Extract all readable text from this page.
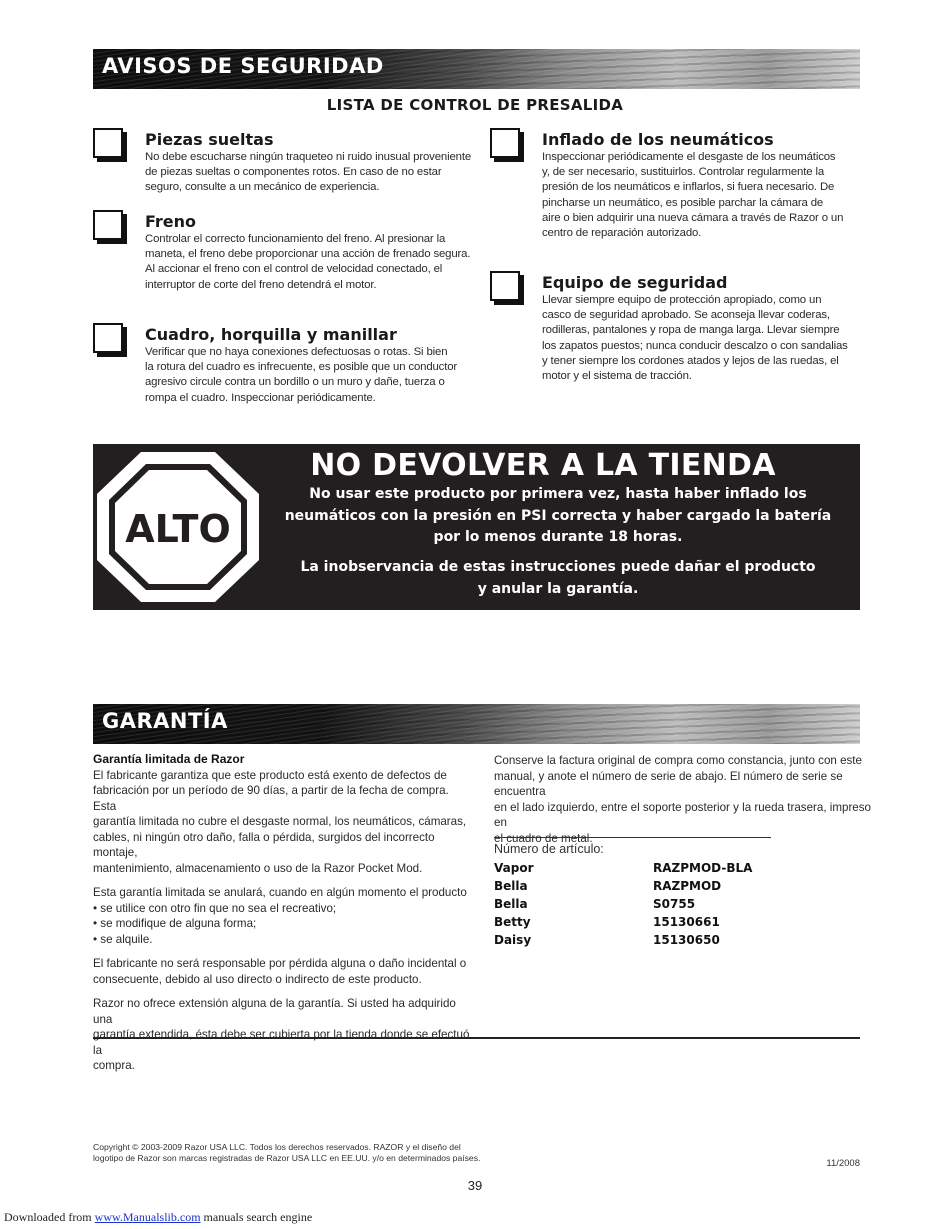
AVISOS DE SEGURIDAD
LISTA DE CONTROL DE PRESALIDA
Piezas sueltas
No debe escucharse ningún traqueteo ni ruido inusual proveniente
de piezas sueltas o componentes rotos. En caso de no estar
seguro, consulte a un mecánico de experiencia.
Freno
Controlar el correcto funcionamiento del freno. Al presionar la
maneta, el freno debe proporcionar una acción de frenado segura.
Al accionar el freno con el control de velocidad conectado, el
interruptor de corte del freno detendrá el motor.
Cuadro, horquilla y manillar
Verificar que no haya conexiones defectuosas o rotas. Si bien
la rotura del cuadro es infrecuente, es posible que un conductor
agresivo circule contra un bordillo o un muro y dañe, tuerza o
rompa el cuadro. Inspeccionar periódicamente.
Inflado de los neumáticos
Inspeccionar periódicamente el desgaste de los neumáticos
y, de ser necesario, sustituirlos. Controlar regularmente la
presión de los neumáticos e inflarlos, si fuera necesario. De
pincharse un neumático, es posible parchar la cámara de
aire o bien adquirir una nueva cámara a través de Razor o un
centro de reparación autorizado.
Equipo de seguridad
Llevar siempre equipo de protección apropiado, como un
casco de seguridad aprobado. Se aconseja llevar coderas,
rodilleras, pantalones y ropa de manga larga. Llevar siempre
los zapatos puestos; nunca conducir descalzo o con sandalias
y tener siempre los cordones atados y lejos de las ruedas, el
motor y el sistema de tracción.
ALTO
NO DEVOLVER A LA TIENDA
No usar este producto por primera vez, hasta haber inflado los
neumáticos con la presión en PSI correcta y haber cargado la batería
por lo menos durante 18 horas.
La inobservancia de estas instrucciones puede dañar el producto
y anular la garantía.
GARANTÍA
Garantía limitada de Razor
El fabricante garantiza que este producto está exento de defectos de
fabricación por un período de 90 días, a partir de la fecha de compra. Esta
garantía limitada no cubre el desgaste normal, los neumáticos, cámaras,
cables, ni ningún otro daño, falla o pérdida, surgidos del incorrecto montaje,
mantenimiento, almacenamiento o uso de la Razor Pocket Mod.
Esta garantía limitada se anulará, cuando en algún momento el producto
• se utilice con otro fin que no sea el recreativo;
• se modifique de alguna forma;
• se alquile.
El fabricante no será responsable por pérdida alguna o daño incidental o
consecuente, debido al uso directo o indirecto de este producto.
Razor no ofrece extensión alguna de la garantía. Si usted ha adquirido una
garantía extendida, ésta debe ser cubierta por la tienda donde se efectuó la
compra.
Conserve la factura original de compra como constancia, junto con este
manual, y anote el número de serie de abajo. El número de serie se encuentra
en el lado izquierdo, entre el soporte posterior y la rueda trasera, impreso en
el cuadro de metal.
Número de artículo:
Vapor	RAZPMOD-BLA
Bella	RAZPMOD
Bella	S0755
Betty	15130661
Daisy	15130650
Copyright © 2003-2009 Razor USA LLC. Todos los derechos reservados. RAZOR y el diseño del
logotipo de Razor son marcas registradas de Razor USA LLC en EE.UU. y/o en determinados países.	11/2008
39
Downloaded from www.Manualslib.com manuals search engine
